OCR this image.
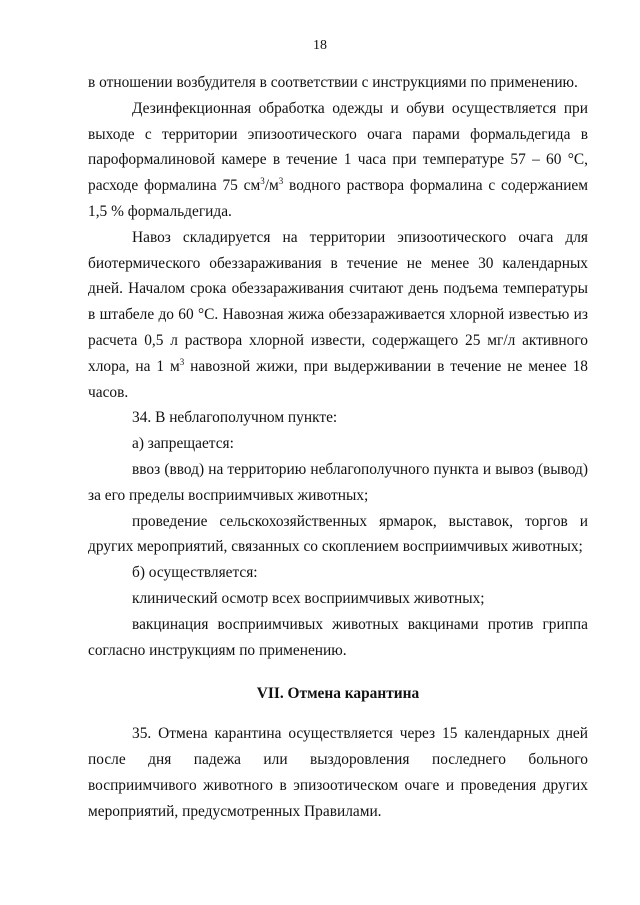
18

в отношении возбудителя в соответствии с инструкциями по применению.

Дезинфекционная обработка одежды и обуви осуществляется при выходе с территории эпизоотического очага парами формальдегида в пароформалиновой камере в течение 1 часа при температуре 57 – 60 °С, расходе формалина 75 $см^3/м^3$ водного раствора формалина с содержанием 1,5 % формальдегида.

Навоз складируется на территории эпизоотического очага для биотермического обеззараживания в течение не менее 30 календарных дней. Началом срока обеззараживания считают день подъема температуры в штабеле до 60 °С. Навозная жижа обеззараживается хлорной известью из расчета 0,5 л раствора хлорной извести, содержащего 25 мг/л активного хлора, на 1 $м^3$ навозной жижи, при выдерживании в течение не менее 18 часов.

34. В неблагополучном пункте:

а) запрещается:

ввоз (ввод) на территорию неблагополучного пункта и вывоз (вывод) за его пределы восприимчивых животных;

проведение сельскохозяйственных ярмарок, выставок, торгов и других мероприятий, связанных со скоплением восприимчивых животных;

б) осуществляется:

клинический осмотр всех восприимчивых животных;

вакцинация восприимчивых животных вакцинами против гриппа согласно инструкциям по применению.

VII. Отмена карантина

35. Отмена карантина осуществляется через 15 календарных дней после дня падежа или выздоровления последнего больного восприимчивого животного в эпизоотическом очаге и проведения других мероприятий, предусмотренных Правилами.
